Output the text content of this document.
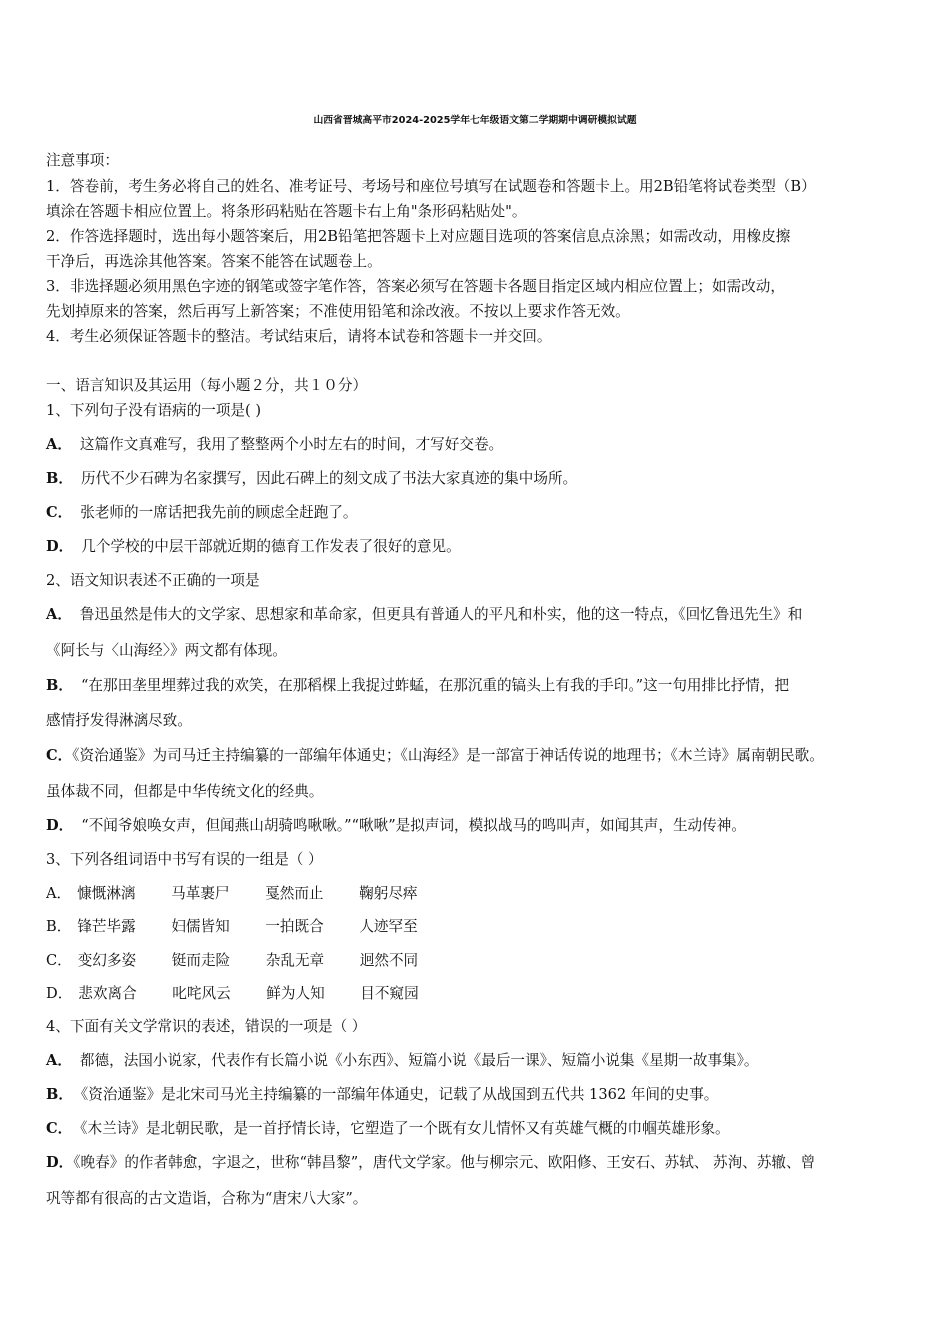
山西省晋城高平市2024-2025学年七年级语文第二学期期中调研模拟试题
注意事项：
1．答卷前，考生务必将自己的姓名、准考证号、考场号和座位号填写在试题卷和答题卡上。用2B铅笔将试卷类型（B）
填涂在答题卡相应位置上。将条形码粘贴在答题卡右上角"条形码粘贴处"。
2．作答选择题时，选出每小题答案后，用2B铅笔把答题卡上对应题目选项的答案信息点涂黑；如需改动，用橡皮擦
干净后，再选涂其他答案。答案不能答在试题卷上。
3．非选择题必须用黑色字迹的钢笔或签字笔作答，答案必须写在答题卡各题目指定区域内相应位置上；如需改动，
先划掉原来的答案，然后再写上新答案；不准使用铅笔和涂改液。不按以上要求作答无效。
4．考生必须保证答题卡的整洁。考试结束后，请将本试卷和答题卡一并交回。
一、语言知识及其运用（每小题２分，共１０分）
1、下列句子没有语病的一项是( )
A． 这篇作文真难写，我用了整整两个小时左右的时间，才写好交卷。
B． 历代不少石碑为名家撰写，因此石碑上的刻文成了书法大家真迹的集中场所。
C． 张老师的一席话把我先前的顾虑全赶跑了。
D． 几个学校的中层干部就近期的德育工作发表了很好的意见。
2、语文知识表述不正确的一项是
A． 鲁迅虽然是伟大的文学家、思想家和革命家，但更具有普通人的平凡和朴实，他的这一特点，《回忆鲁迅先生》和
《阿长与〈山海经〉》两文都有体现。
B． “在那田垄里埋葬过我的欢笑，在那稻棵上我捉过蚱蜢，在那沉重的镐头上有我的手印。”这一句用排比抒情，把
感情抒发得淋漓尽致。
C．《资治通鉴》为司马迁主持编纂的一部编年体通史；《山海经》是一部富于神话传说的地理书；《木兰诗》属南朝民歌。
虽体裁不同，但都是中华传统文化的经典。
D． “不闻爷娘唤女声，但闻燕山胡骑鸣啾啾。”“啾啾”是拟声词，模拟战马的鸣叫声，如闻其声，生动传神。
3、下列各组词语中书写有误的一组是（ ）
A． 慷慨淋漓 马革裹尸 戛然而止 鞠躬尽瘁
B． 锋芒毕露 妇儒皆知 一拍既合 人迹罕至
C． 变幻多姿 铤而走险 杂乱无章 迥然不同
D． 悲欢离合 叱咤风云 鲜为人知 目不窥园
4、下面有关文学常识的表述，错误的一项是（ ）
A． 都德，法国小说家，代表作有长篇小说《小东西》、短篇小说《最后一课》、短篇小说集《星期一故事集》。
B． 《资治通鉴》是北宋司马光主持编纂的一部编年体通史，记载了从战国到五代共 1362 年间的史事。
C． 《木兰诗》是北朝民歌，是一首抒情长诗，它塑造了一个既有女儿情怀又有英雄气概的巾帼英雄形象。
D．《晚春》的作者韩愈，字退之，世称“韩昌黎”，唐代文学家。他与柳宗元、欧阳修、王安石、苏轼、 苏洵、苏辙、曾
巩等都有很高的古文造诣，合称为“唐宋八大家”。
